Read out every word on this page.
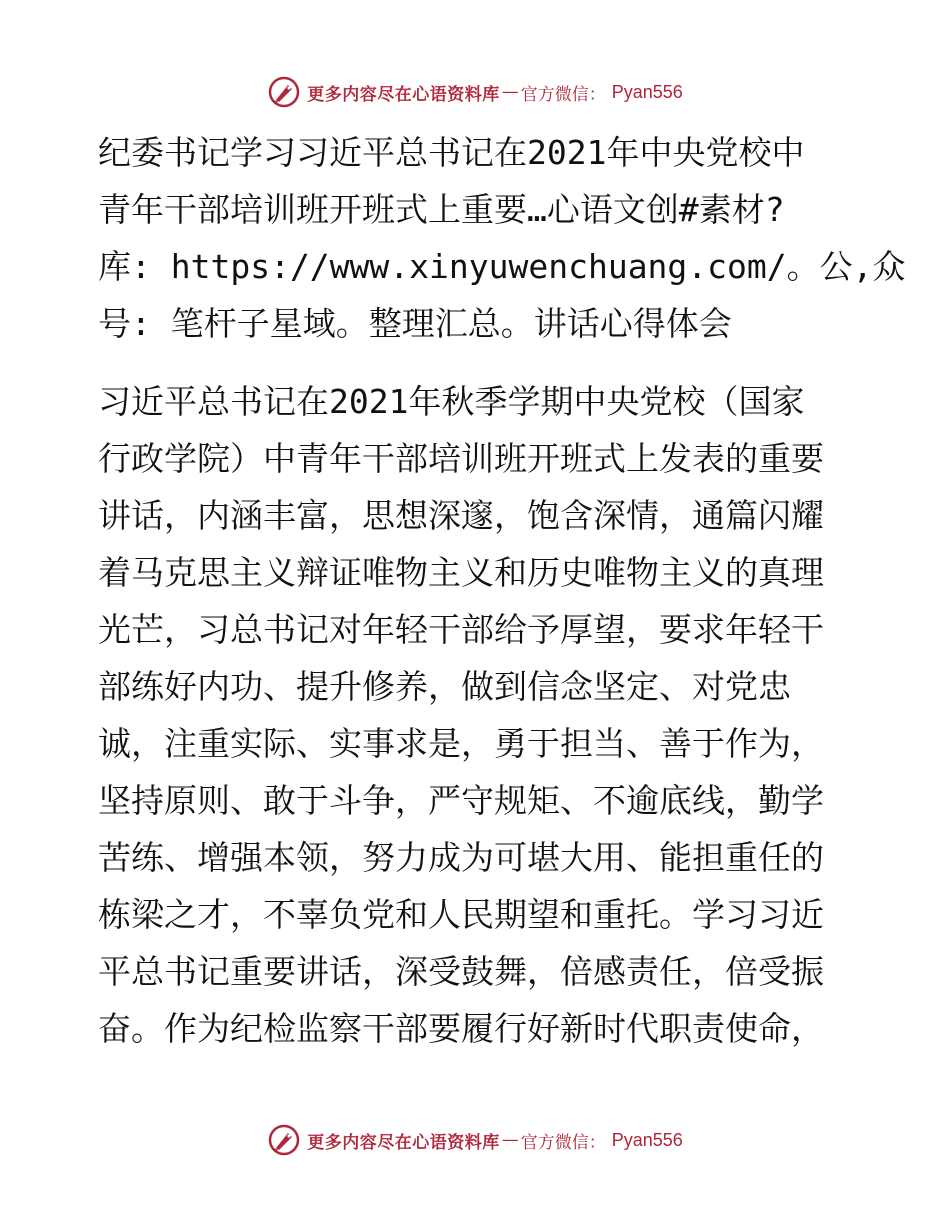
更多内容尽在心语资料库 — 官方微信： Pyan556
纪委书记学习习近平总书记在2021年中央党校中
青年干部培训班开班式上重要…心语文创#素材?
库: https://www.xinyuwenchuang.com/。公,众
号: 笔杆子星域。整理汇总。讲话心得体会
习近平总书记在2021年秋季学期中央党校（国家
行政学院）中青年干部培训班开班式上发表的重要
讲话，内涵丰富，思想深邃，饱含深情，通篇闪耀
着马克思主义辩证唯物主义和历史唯物主义的真理
光芒，习总书记对年轻干部给予厚望，要求年轻干
部练好内功、提升修养，做到信念坚定、对党忠
诚，注重实际、实事求是，勇于担当、善于作为，
坚持原则、敢于斗争，严守规矩、不逾底线，勤学
苦练、增强本领，努力成为可堪大用、能担重任的
栋梁之才，不辜负党和人民期望和重托。学习习近
平总书记重要讲话，深受鼓舞，倍感责任，倍受振
奋。作为纪检监察干部要履行好新时代职责使命，
更多内容尽在心语资料库 — 官方微信： Pyan556
